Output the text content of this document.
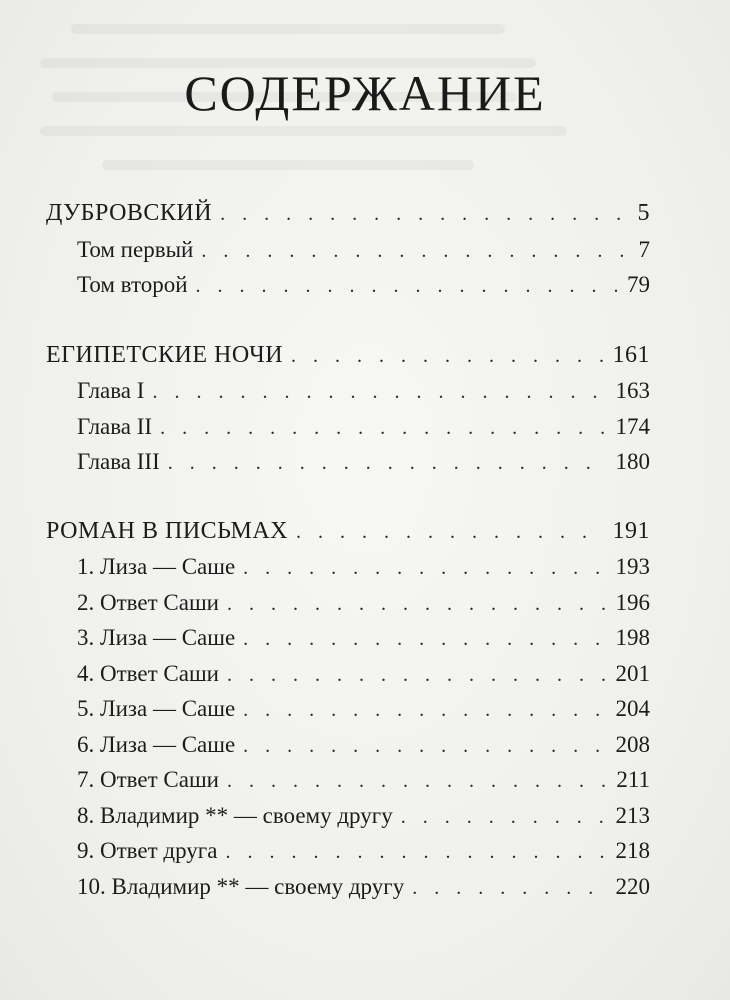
СОДЕРЖАНИЕ
ДУБРОВСКИЙ . . .	5
Том первый . . .	7
Том второй . . .	79
ЕГИПЕТСКИЕ НОЧИ . . .	161
Глава I . . .	163
Глава II . . .	174
Глава III . . .	180
РОМАН В ПИСЬМАХ . . .	191
1. Лиза — Саше . . .	193
2. Ответ Саши . . .	196
3. Лиза — Саше . . .	198
4. Ответ Саши . . .	201
5. Лиза — Саше . . .	204
6. Лиза — Саше . . .	208
7. Ответ Саши . . .	211
8. Владимир ** — своему другу . . .	213
9. Ответ друга . . .	218
10. Владимир ** — своему другу . . .	220
